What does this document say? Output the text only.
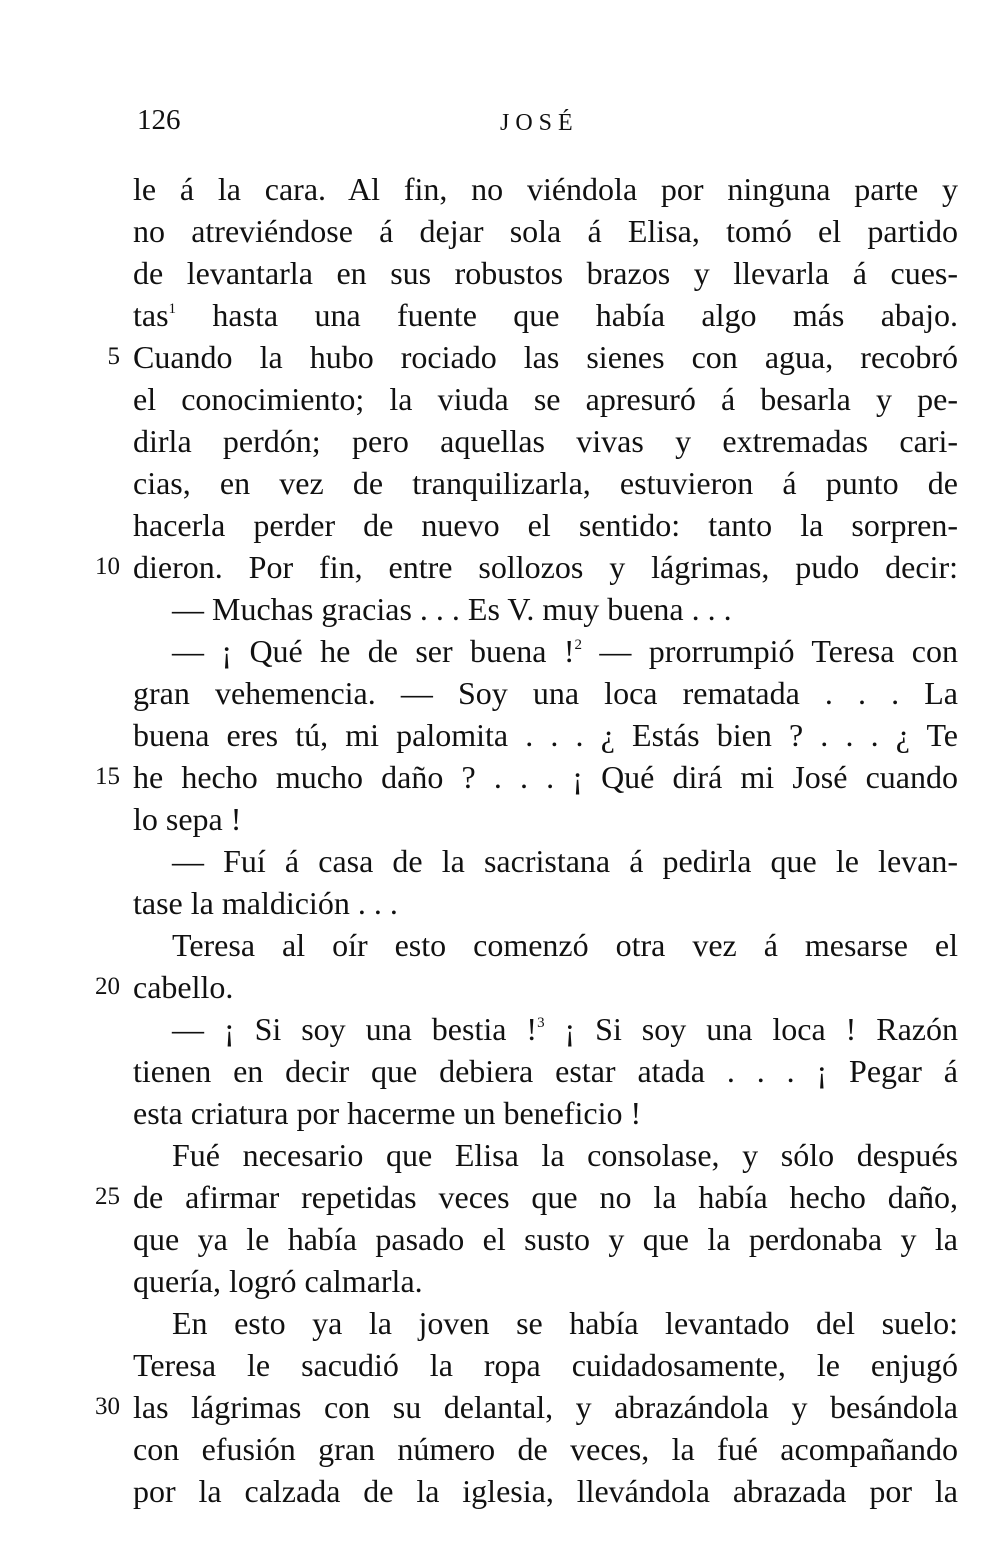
126	JOSÉ
le á la cara. Al fin, no viéndola por ninguna parte y
no atreviéndose á dejar sola á Elisa, tomó el partido
de levantarla en sus robustos brazos y llevarla á cues-
tas$^1$ hasta una fuente que había algo más abajo.
5 Cuando la hubo rociado las sienes con agua, recobró
el conocimiento; la viuda se apresuró á besarla y pe-
dirla perdón; pero aquellas vivas y extremadas cari-
cias, en vez de tranquilizarla, estuvieron á punto de
hacerla perder de nuevo el sentido: tanto la sorpren-
10 dieron. Por fin, entre sollozos y lágrimas, pudo decir:
— Muchas gracias . . . Es V. muy buena . . .
— ¡ Qué he de ser buena !$^2$ — prorrumpió Teresa con
gran vehemencia. — Soy una loca rematada . . . La
buena eres tú, mi palomita . . . ¿ Estás bien ? . . . ¿ Te
15 he hecho mucho daño ? . . . ¡ Qué dirá mi José cuando
lo sepa !
— Fuí á casa de la sacristana á pedirla que le levan-
tase la maldición . . .
Teresa al oír esto comenzó otra vez á mesarse el
20 cabello.
— ¡ Si soy una bestia !$^3$ ¡ Si soy una loca ! Razón
tienen en decir que debiera estar atada . . . ¡ Pegar á
esta criatura por hacerme un beneficio !
Fué necesario que Elisa la consolase, y sólo después
25 de afirmar repetidas veces que no la había hecho daño,
que ya le había pasado el susto y que la perdonaba y la
quería, logró calmarla.
En esto ya la joven se había levantado del suelo:
Teresa le sacudió la ropa cuidadosamente, le enjugó
30 las lágrimas con su delantal, y abrazándola y besándola
con efusión gran número de veces, la fué acompañando
por la calzada de la iglesia, llevándola abrazada por la
